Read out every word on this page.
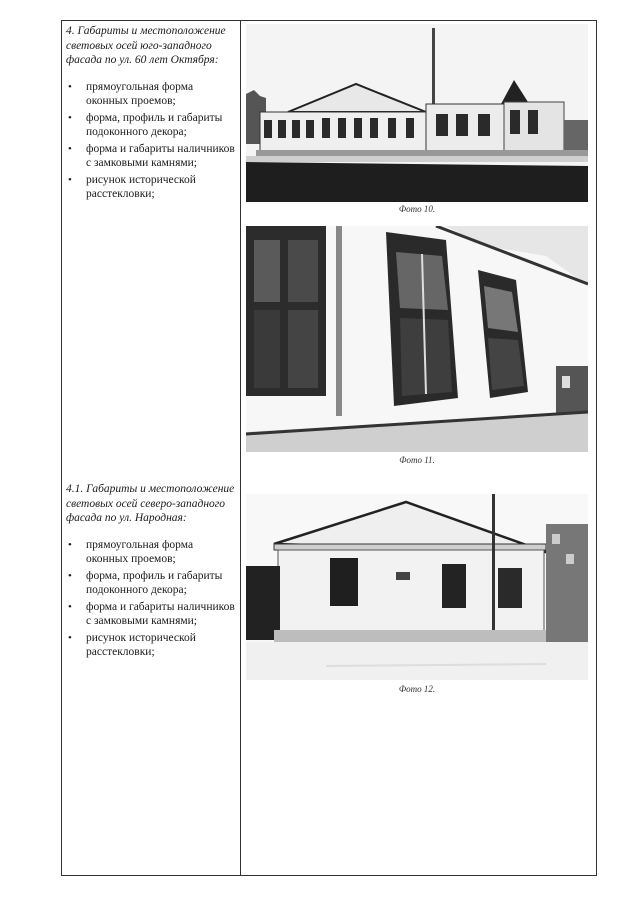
4. Габариты и местоположение световых осей юго-западного фасада по ул. 60 лет Октября:

• прямоугольная форма оконных проемов;
• форма, профиль и габариты подоконного декора;
• форма и габариты наличников с замковыми камнями;
• рисунок исторической расстекловки;

4.1. Габариты и местоположение световых осей северо-западного фасада по ул. Народная:

• прямоугольная форма оконных проемов;
• форма, профиль и габариты подоконного декора;
• форма и габариты наличников с замковыми камнями;
• рисунок исторической расстекловки;
Фото 10.
Фото 11.
Фото 12.
